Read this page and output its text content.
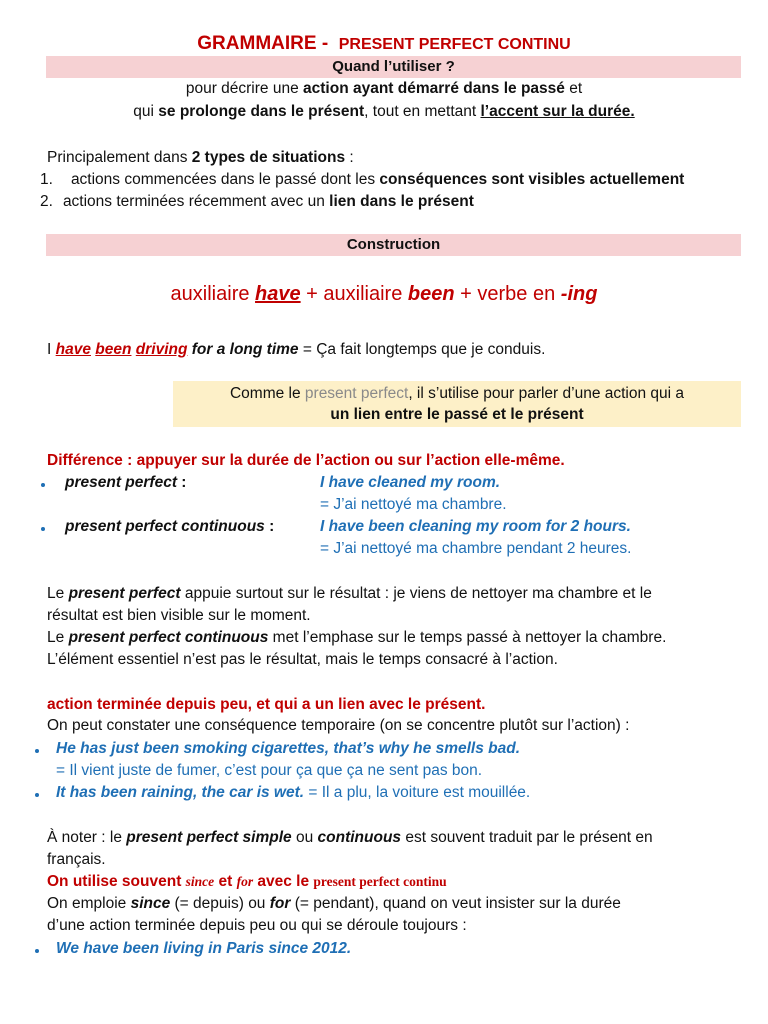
GRAMMAIRE - PRESENT PERFECT CONTINU
Quand l’utiliser ?
pour décrire une action ayant démarré dans le passé et
qui se prolonge dans le présent, tout en mettant l’accent sur la durée.
Principalement dans 2 types de situations :
1. actions commencées dans le passé dont les conséquences sont visibles actuellement
2. actions terminées récemment avec un lien dans le présent
Construction
auxiliaire have + auxiliaire been + verbe en -ing
I have been driving for a long time = Ça fait longtemps que je conduis.
Comme le present perfect, il s’utilise pour parler d’une action qui a
un lien entre le passé et le présent
Différence : appuyer sur la durée de l’action ou sur l’action elle-même.
present perfect :	I have cleaned my room.
= J’ai nettoyé ma chambre.
present perfect continuous :	I have been cleaning my room for 2 hours.
= J’ai nettoyé ma chambre pendant 2 heures.
Le present perfect appuie surtout sur le résultat : je viens de nettoyer ma chambre et le
résultat est bien visible sur le moment.
Le present perfect continuous met l’emphase sur le temps passé à nettoyer la chambre.
L’élément essentiel n’est pas le résultat, mais le temps consacré à l’action.
action terminée depuis peu, et qui a un lien avec le présent.
On peut constater une conséquence temporaire (on se concentre plutôt sur l’action) :
He has just been smoking cigarettes, that’s why he smells bad.
= Il vient juste de fumer, c’est pour ça que ça ne sent pas bon.
It has been raining, the car is wet. = Il a plu, la voiture est mouillée.
À noter : le present perfect simple ou continuous est souvent traduit par le présent en
français.
On utilise souvent since et for avec le present perfect continu
On emploie since (= depuis) ou for (= pendant), quand on veut insister sur la durée
d’une action terminée depuis peu ou qui se déroule toujours :
We have been living in Paris since 2012.
